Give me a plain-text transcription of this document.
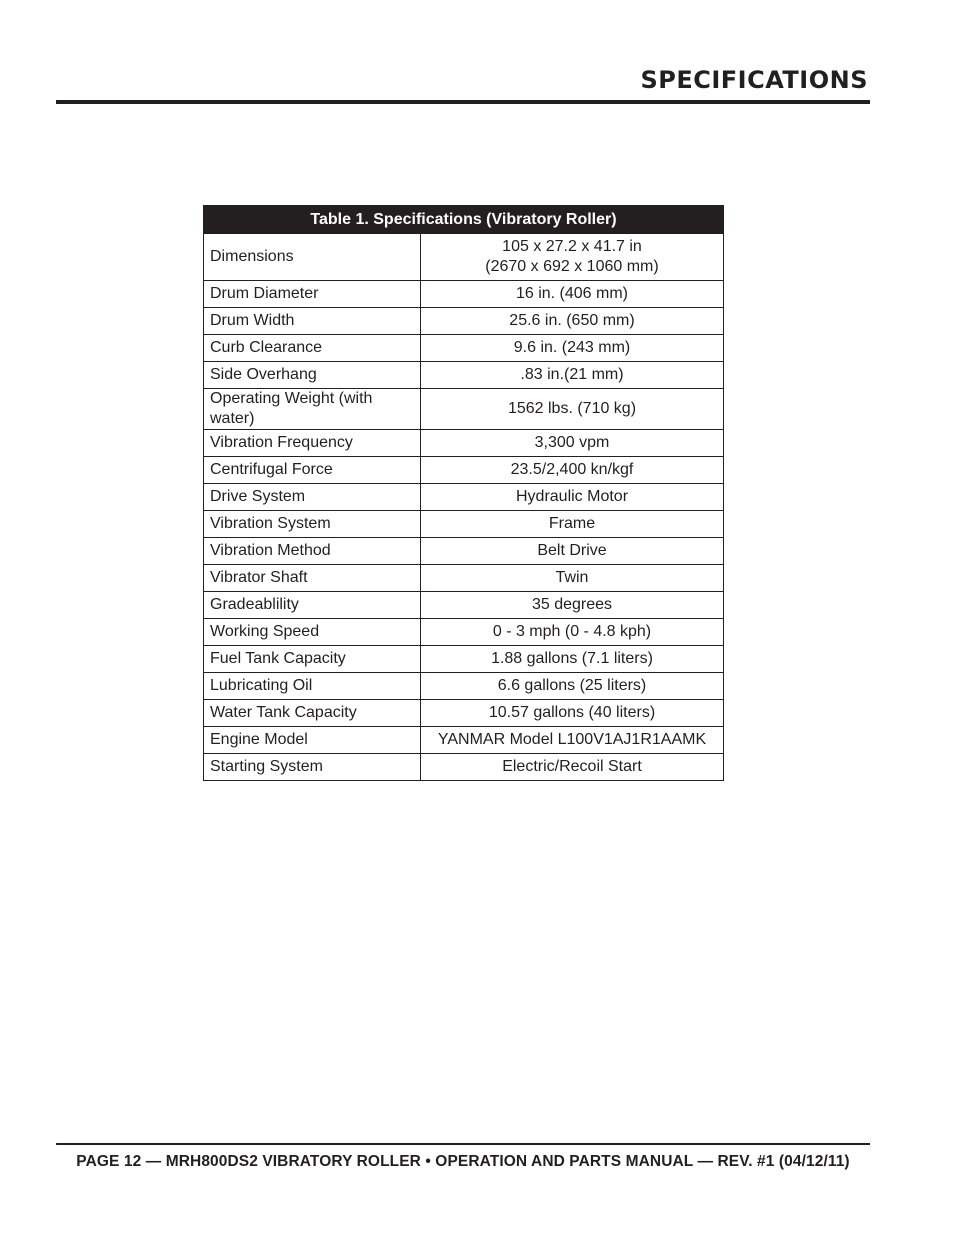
SPECIFICATIONS
Table 1. Specifications (Vibratory Roller)	
Dimensions	105 x 27.2 x 41.7 in
(2670 x 692 x 1060 mm)

Drum Diameter	16 in. (406 mm)
Drum Width	25.6 in. (650 mm)
Curb Clearance	9.6 in. (243 mm)
Side Overhang	.83 in.(21 mm)
Operating Weight (with water)	1562 lbs. (710 kg)
Vibration Frequency	3,300 vpm
Centrifugal Force	23.5/2,400 kn/kgf
Drive System	Hydraulic Motor
Vibration System	Frame
Vibration Method	Belt Drive
Vibrator Shaft	Twin
Gradeablility	35 degrees
Working Speed	0 - 3 mph (0 - 4.8 kph)
Fuel Tank Capacity	1.88 gallons (7.1 liters)
Lubricating Oil	6.6 gallons (25 liters)
Water Tank Capacity	10.57 gallons (40 liters)
Engine Model	YANMAR Model L100V1AJ1R1AAMK
Starting System	Electric/Recoil Start
PAGE 12 — MRH800DS2 VIBRATORY ROLLER • OPERATION AND PARTS MANUAL — REV. #1 (04/12/11)
